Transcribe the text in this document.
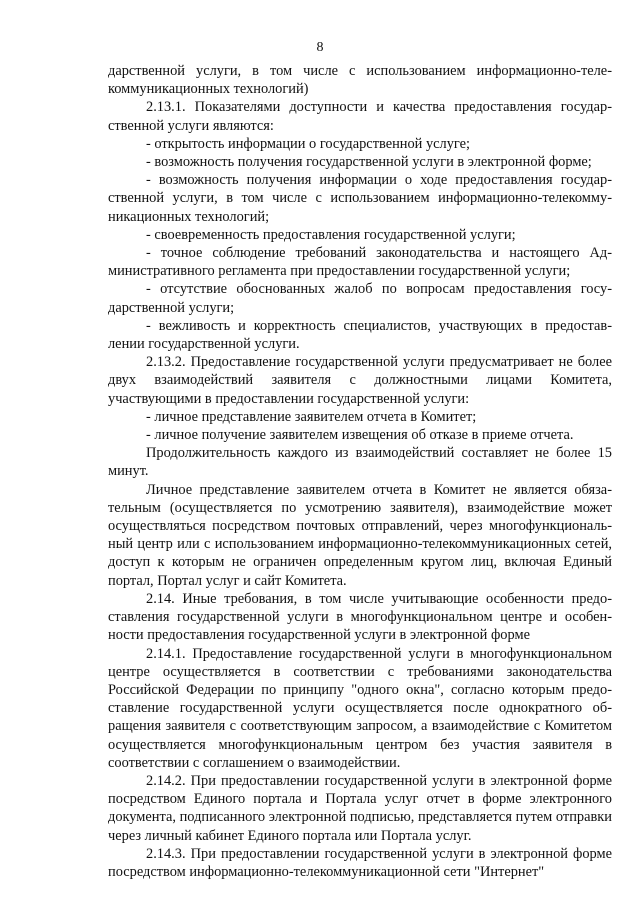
8

дарственной услуги, в том числе с использованием информационно-телекоммуникационных технологий)

2.13.1. Показателями доступности и качества предоставления государственной услуги являются:

- открытость информации о государственной услуге;

- возможность получения государственной услуги в электронной форме;

- возможность получения информации о ходе предоставления государственной услуги, в том числе с использованием информационно-телекоммуникационных технологий;

- своевременность предоставления государственной услуги;

- точное соблюдение требований законодательства и настоящего Административного регламента при предоставлении государственной услуги;

- отсутствие обоснованных жалоб по вопросам предоставления государственной услуги;

- вежливость и корректность специалистов, участвующих в предоставлении государственной услуги.

2.13.2. Предоставление государственной услуги предусматривает не более двух взаимодействий заявителя с должностными лицами Комитета, участвующими в предоставлении государственной услуги:

- личное представление заявителем отчета в Комитет;

- личное получение заявителем извещения об отказе в приеме отчета.

Продолжительность каждого из взаимодействий составляет не более 15 минут.

Личное представление заявителем отчета в Комитет не является обязательным (осуществляется по усмотрению заявителя), взаимодействие может осуществляться посредством почтовых отправлений, через многофункциональный центр или с использованием информационно-телекоммуникационных сетей, доступ к которым не ограничен определенным кругом лиц, включая Единый портал, Портал услуг и сайт Комитета.

2.14. Иные требования, в том числе учитывающие особенности предоставления государственной услуги в многофункциональном центре и особенности предоставления государственной услуги в электронной форме

2.14.1. Предоставление государственной услуги в многофункциональном центре осуществляется в соответствии с требованиями законодательства Российской Федерации по принципу "одного окна", согласно которым предоставление государственной услуги осуществляется после однократного обращения заявителя с соответствующим запросом, а взаимодействие с Комитетом осуществляется многофункциональным центром без участия заявителя в соответствии с соглашением о взаимодействии.

2.14.2. При предоставлении государственной услуги в электронной форме посредством Единого портала и Портала услуг отчет в форме электронного документа, подписанного электронной подписью, представляется путем отправки через личный кабинет Единого портала или Портала услуг.

2.14.3. При предоставлении государственной услуги в электронной форме посредством информационно-телекоммуникационной сети "Интернет"
